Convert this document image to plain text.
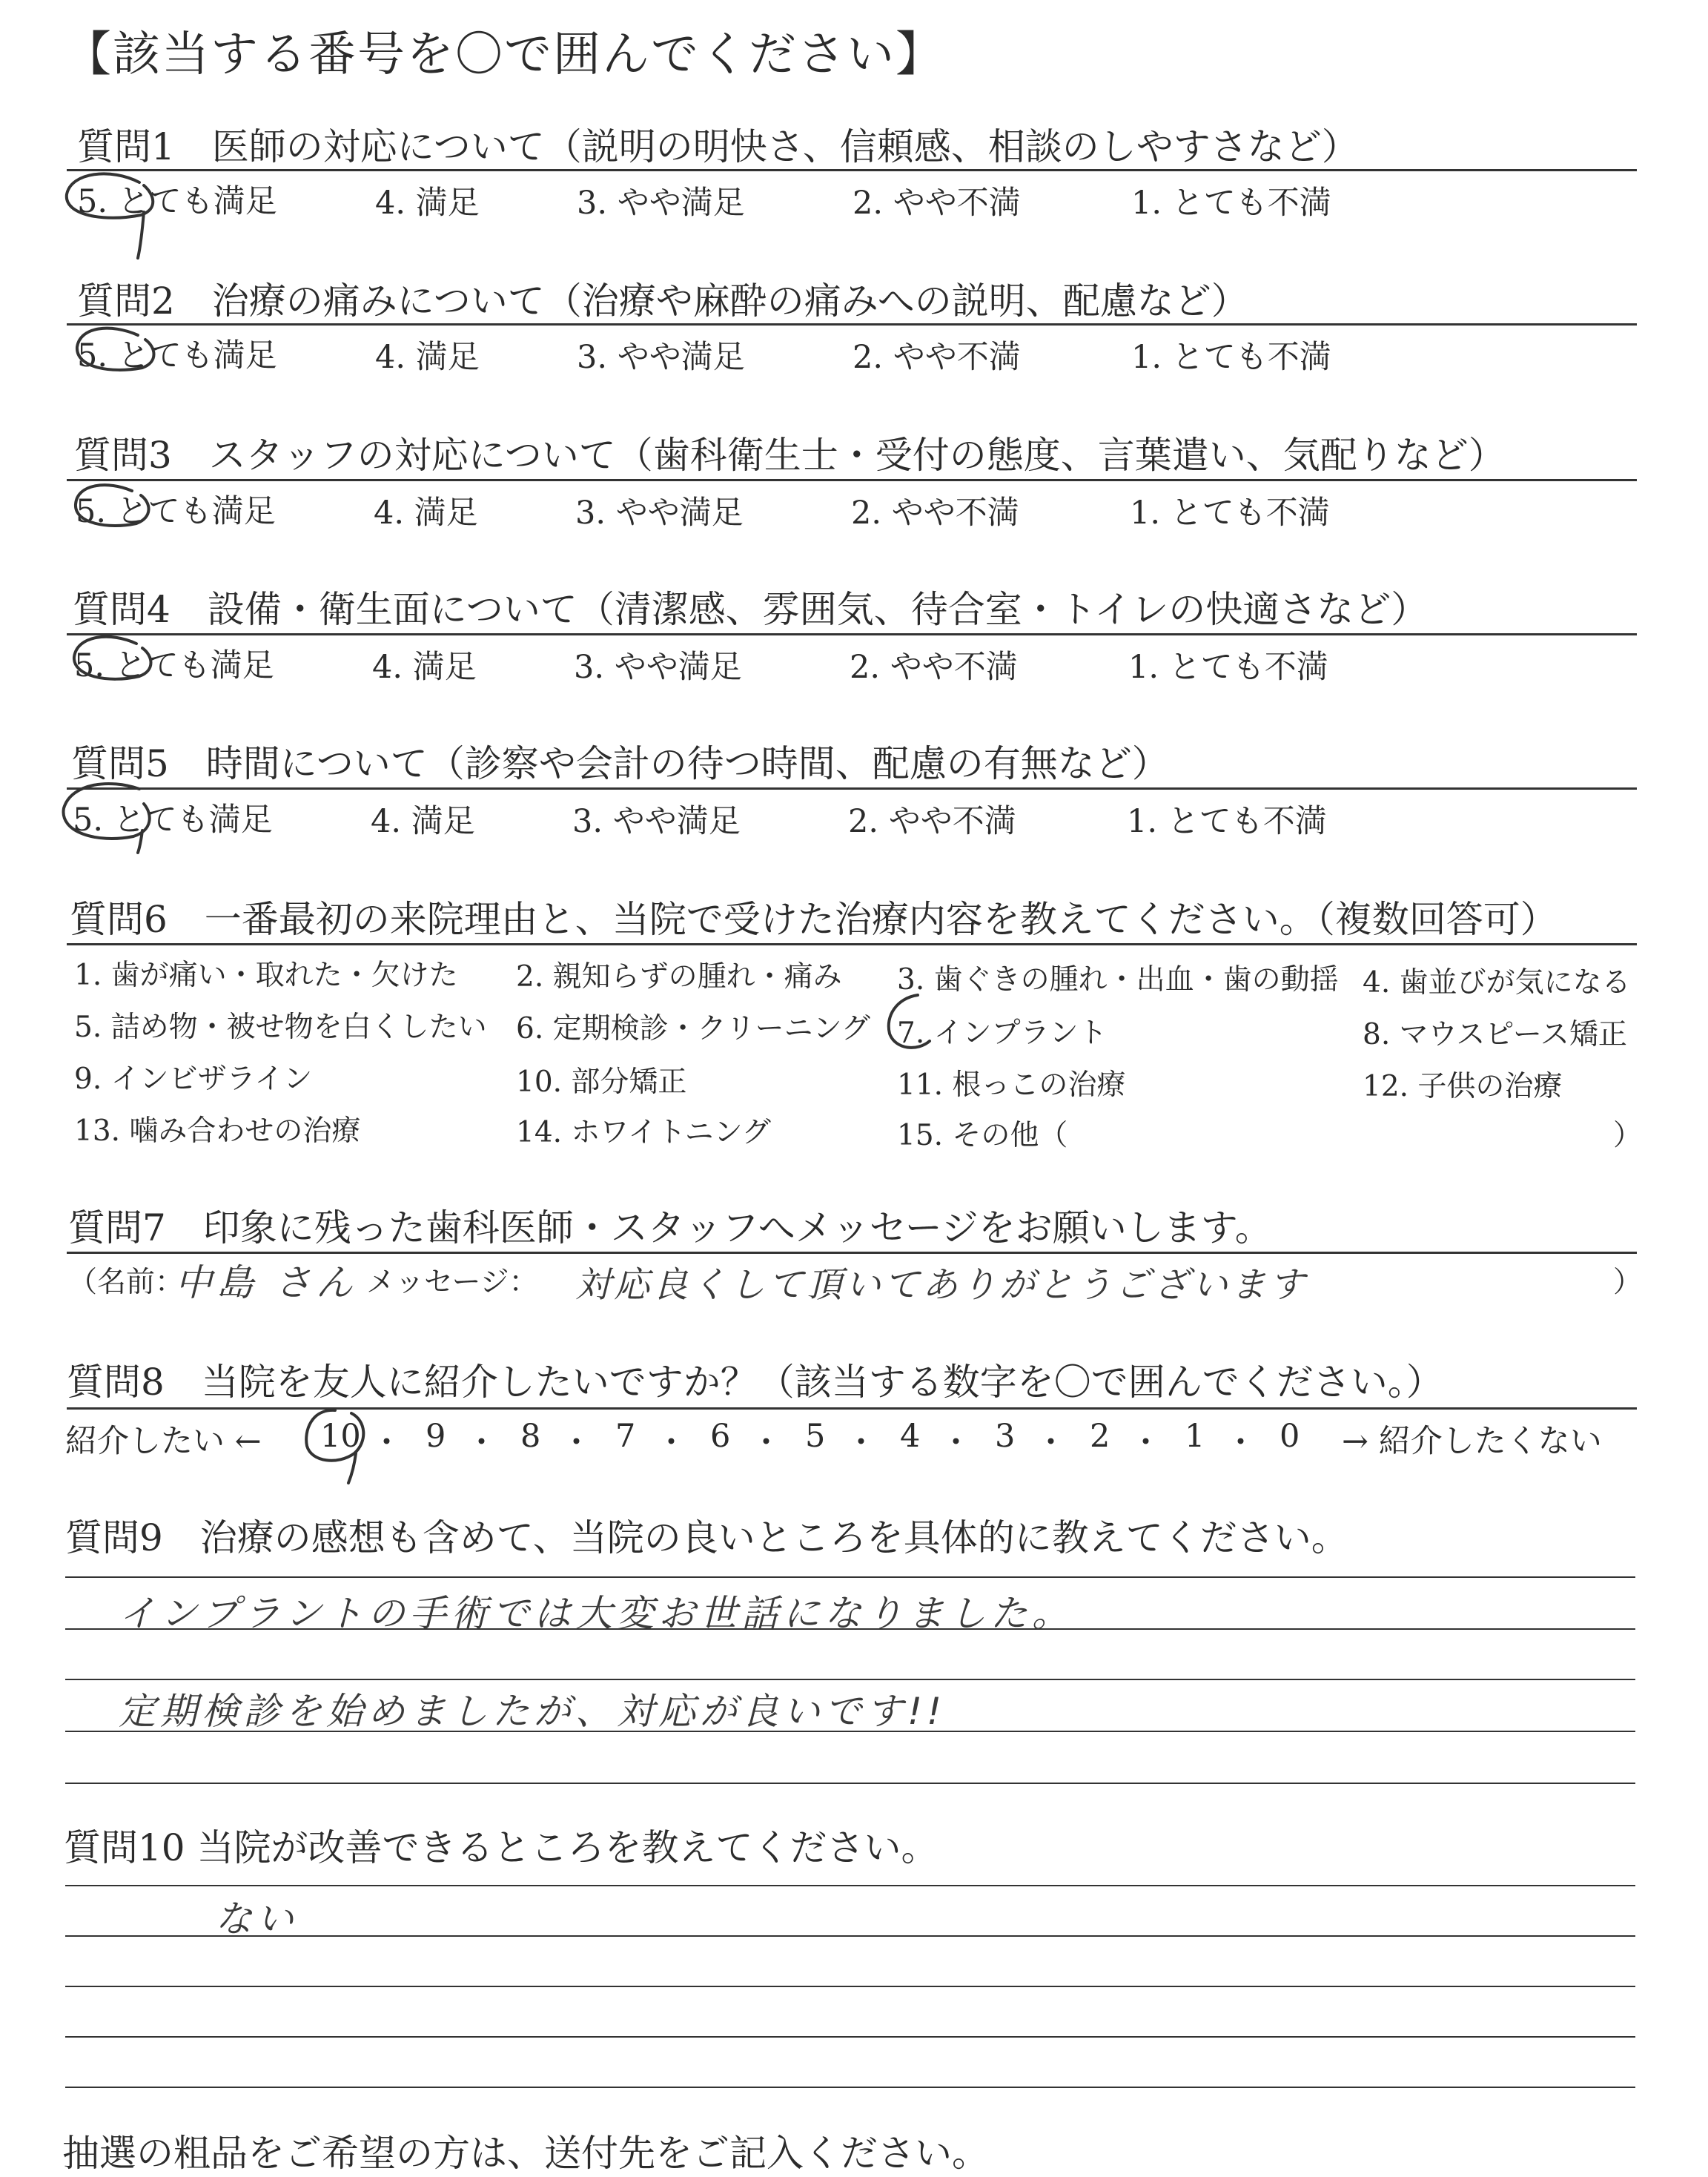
【該当する番号を〇で囲んでください】
質問1　医師の対応について（説明の明快さ、信頼感、相談のしやすさなど）
5. とても満足	4. 満足	3. やや満足	2. やや不満	1. とても不満
質問2　治療の痛みについて（治療や麻酔の痛みへの説明、配慮など）
5. とても満足	4. 満足	3. やや満足	2. やや不満	1. とても不満
質問3　スタッフの対応について（歯科衛生士・受付の態度、言葉遣い、気配りなど）
5. とても満足	4. 満足	3. やや満足	2. やや不満	1. とても不満
質問4　設備・衛生面について（清潔感、雰囲気、待合室・トイレの快適さなど）
5. とても満足	4. 満足	3. やや満足	2. やや不満	1. とても不満
質問5　時間について（診察や会計の待つ時間、配慮の有無など）
5. とても満足	4. 満足	3. やや満足	2. やや不満	1. とても不満
質問6　一番最初の来院理由と、当院で受けた治療内容を教えてください。（複数回答可）
1. 歯が痛い・取れた・欠けた 2. 親知らずの腫れ・痛み 3. 歯ぐきの腫れ・出血・歯の動揺 4. 歯並びが気になる
5. 詰め物・被せ物を白くしたい 6. 定期検診・クリーニング 7. インプラント	8. マウスピース矯正
9. インビザライン	10. 部分矯正	11. 根っこの治療	12. 子供の治療
13. 噛み合わせの治療	14. ホワイトニング	15. その他（	）
質問7　印象に残った歯科医師・スタッフへメッセージをお願いします。
（名前：
中島 さん メッセージ： 対応良くして頂いてありがとうございます	）
質問8　当院を友人に紹介したいですか？（該当する数字を〇で囲んでください。）
紹介したい ← 10 ・ 9 ・ 8 ・ 7 ・ 6 ・ 5 ・ 4 ・ 3 ・ 2 ・ 1 ・ 0 → 紹介したくない
質問9　治療の感想も含めて、当院の良いところを具体的に教えてください。
インプラントの手術では大変お世話になりました。
定期検診を始めましたが、対応が良いです!!
質問10 当院が改善できるところを教えてください。
ない
抽選の粗品をご希望の方は、送付先をご記入ください。
